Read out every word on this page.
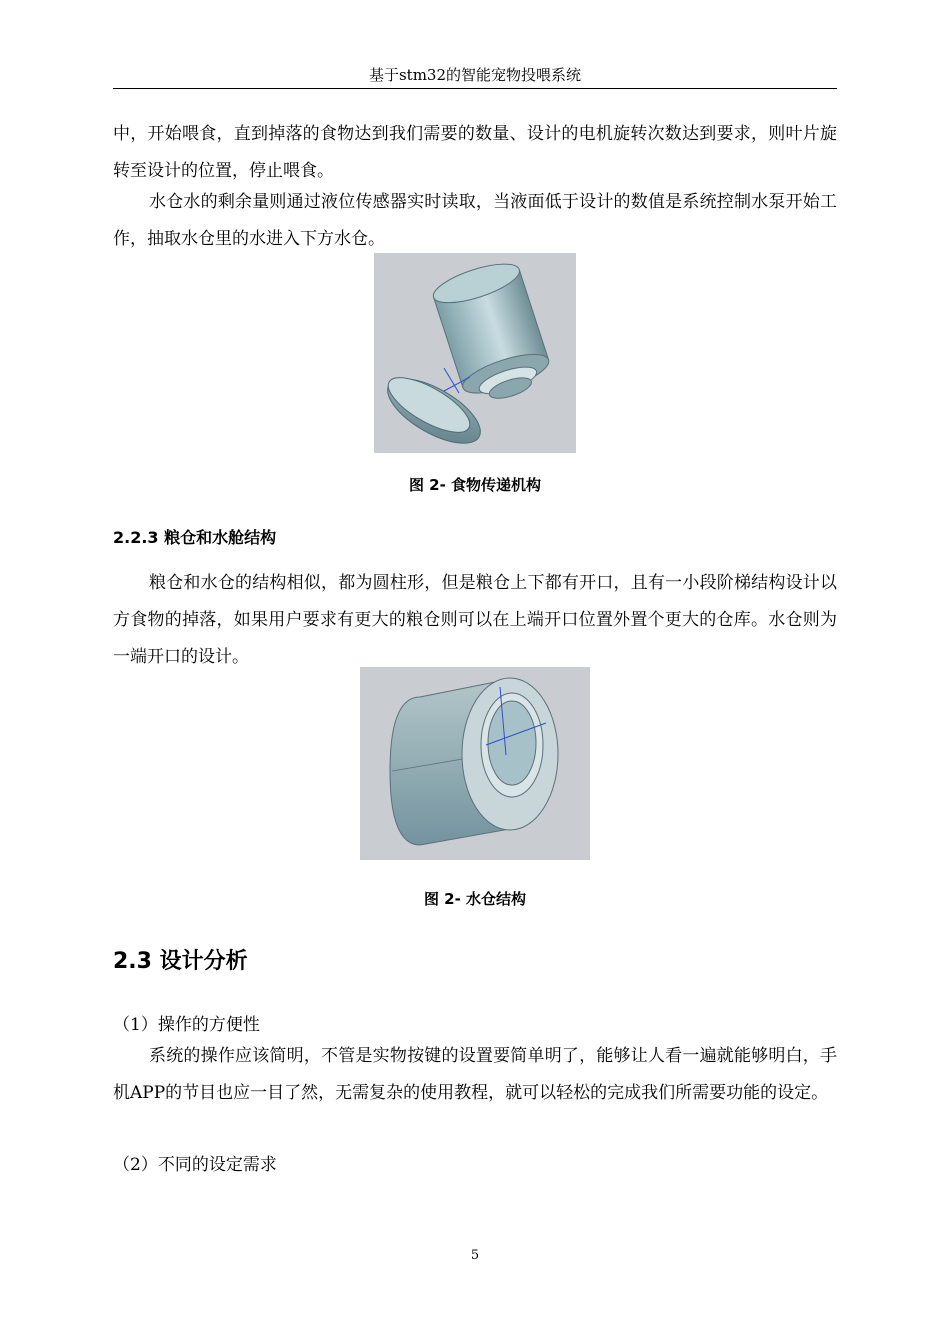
基于stm32的智能宠物投喂系统

中，开始喂食，直到掉落的食物达到我们需要的数量、设计的电机旋转次数达到要求，则叶片旋转至设计的位置，停止喂食。

水仓水的剩余量则通过液位传感器实时读取，当液面低于设计的数值是系统控制水泵开始工作，抽取水仓里的水进入下方水仓。

图 2- 食物传递机构
2.2.3 粮仓和水舱结构

粮仓和水仓的结构相似，都为圆柱形，但是粮仓上下都有开口，且有一小段阶梯结构设计以方食物的掉落，如果用户要求有更大的粮仓则可以在上端开口位置外置个更大的仓库。水仓则为一端开口的设计。

图 2- 水仓结构
2.3 设计分析
（1）操作的方便性

系统的操作应该简明，不管是实物按键的设置要简单明了，能够让人看一遍就能够明白，手机APP的节目也应一目了然，无需复杂的使用教程，就可以轻松的完成我们所需要功能的设定。

（2）不同的设定需求
5
